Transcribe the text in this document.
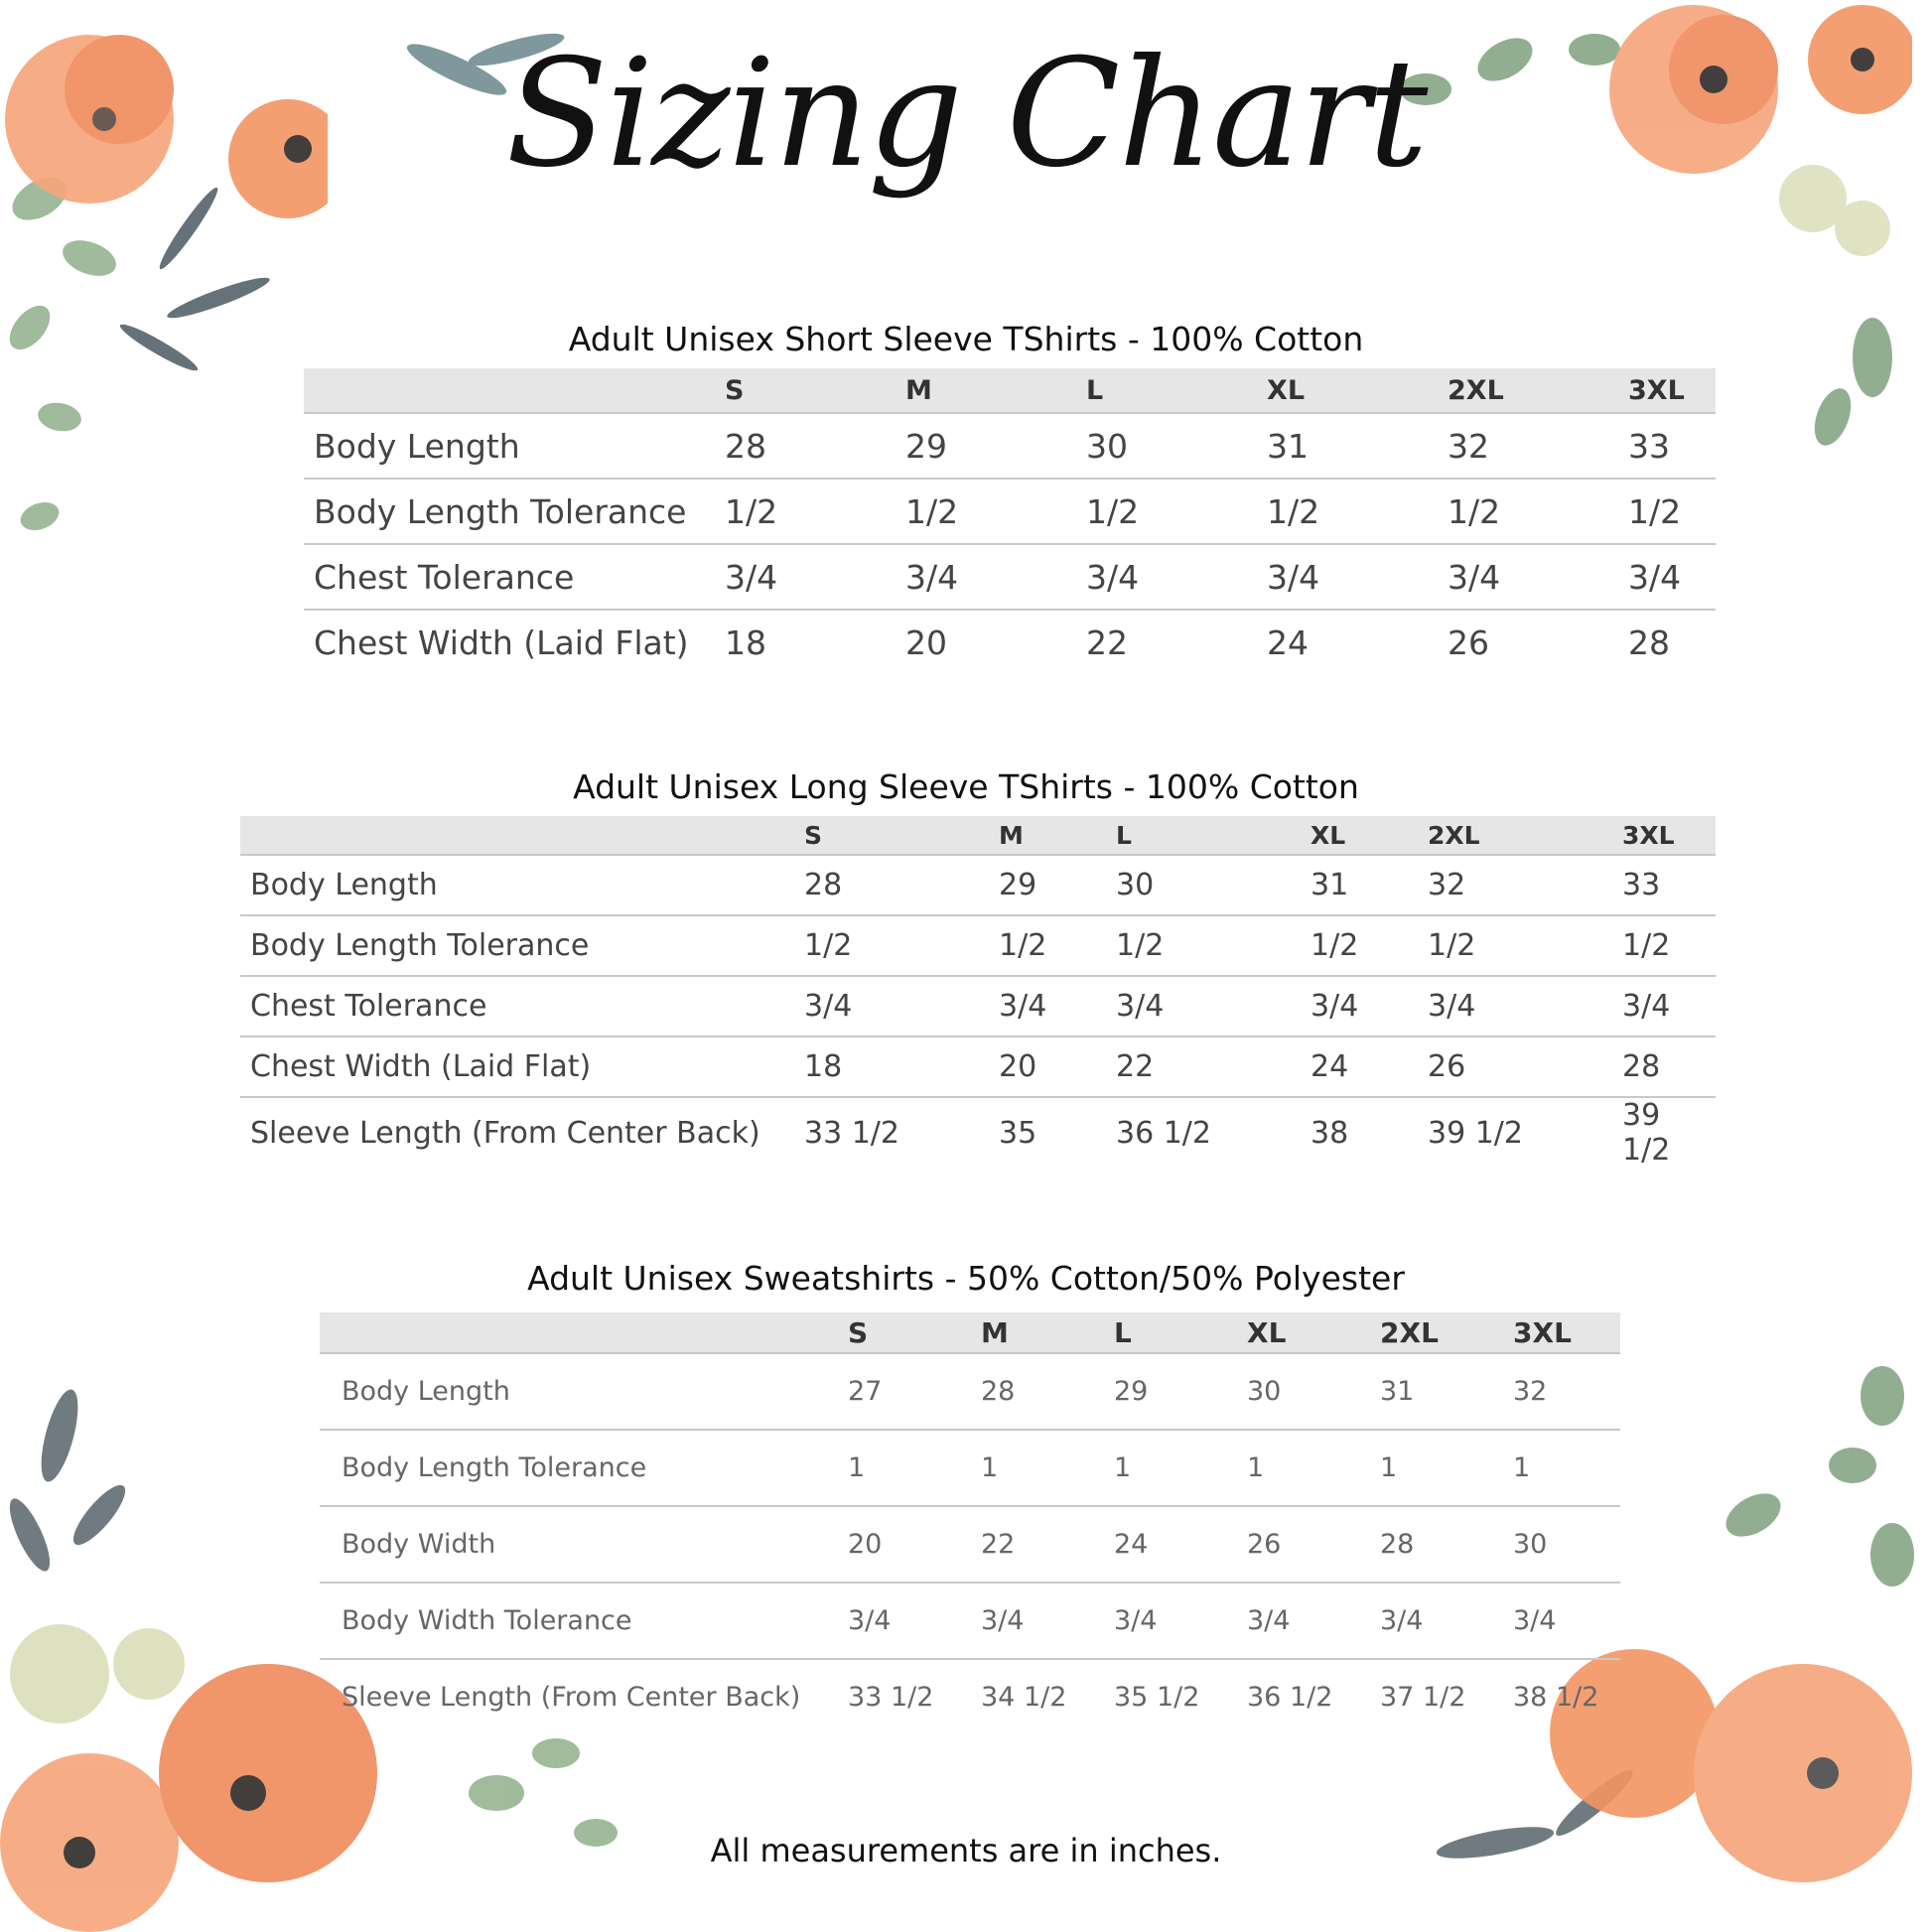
Sizing Chart
Adult Unisex Short Sleeve TShirts - 100% Cotton
	S	M	L	XL	2XL	3XL
Body Length	28	29	30	31	32	33
Body Length Tolerance	1/2	1/2	1/2	1/2	1/2	1/2
Chest Tolerance	3/4	3/4	3/4	3/4	3/4	3/4
Chest Width (Laid Flat)	18	20	22	24	26	28
Adult Unisex Long Sleeve TShirts - 100% Cotton
	S	M	L	XL	2XL	3XL
Body Length	28	29	30	31	32	33
Body Length Tolerance	1/2	1/2	1/2	1/2	1/2	1/2
Chest Tolerance	3/4	3/4	3/4	3/4	3/4	3/4
Chest Width (Laid Flat)	18	20	22	24	26	28
Sleeve Length (From Center Back)	33 1/2	35	36 1/2	38	39 1/2	39 1/2
Adult Unisex Sweatshirts - 50% Cotton/50% Polyester
	S	M	L	XL	2XL	3XL
Body Length	27	28	29	30	31	32
Body Length Tolerance	1	1	1	1	1	1
Body Width	20	22	24	26	28	30
Body Width Tolerance	3/4	3/4	3/4	3/4	3/4	3/4
Sleeve Length (From Center Back)	33 1/2	34 1/2	35 1/2	36 1/2	37 1/2	38 1/2
All measurements are in inches.
